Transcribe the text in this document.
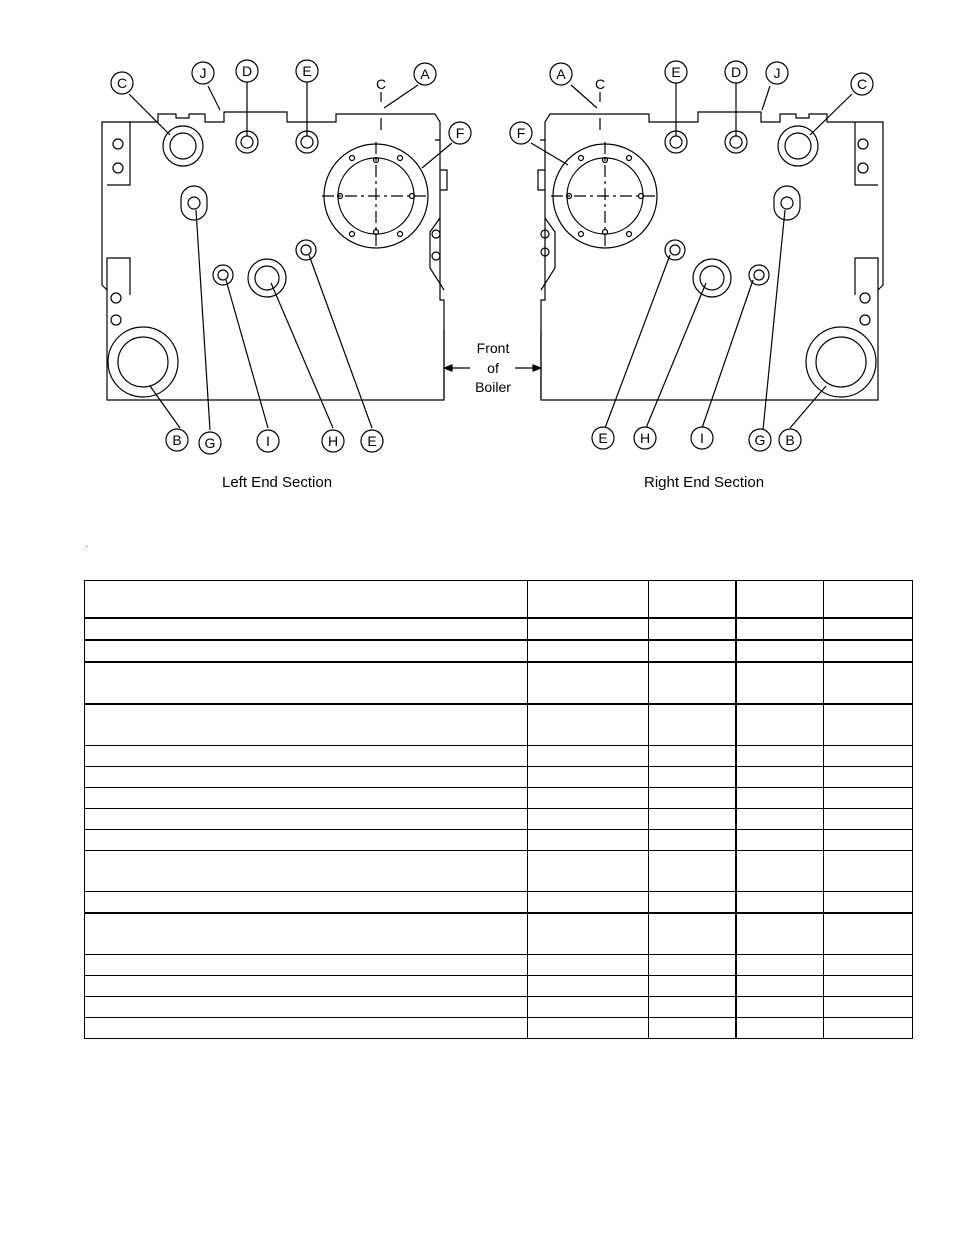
C	C
Front
of
Boiler
C
J	D	E	A
F
B G	I	H E
A	E	D J
C
F
E H	I	G B
Left End Section	Right End Section
